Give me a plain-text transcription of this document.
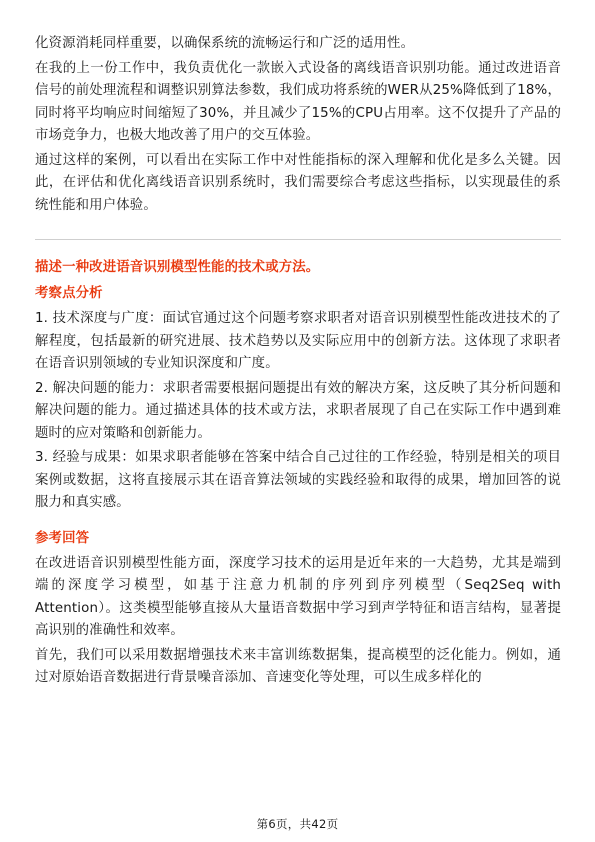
化资源消耗同样重要，以确保系统的流畅运行和广泛的适用性。

在我的上一份工作中，我负责优化一款嵌入式设备的离线语音识别功能。通过改进语音信号的前处理流程和调整识别算法参数，我们成功将系统的WER从25%降低到了18%，同时将平均响应时间缩短了30%，并且减少了15%的CPU占用率。这不仅提升了产品的市场竞争力，也极大地改善了用户的交互体验。

通过这样的案例，可以看出在实际工作中对性能指标的深入理解和优化是多么关键。因此，在评估和优化离线语音识别系统时，我们需要综合考虑这些指标，以实现最佳的系统性能和用户体验。

描述一种改进语音识别模型性能的技术或方法。
考察点分析

1. 技术深度与广度：面试官通过这个问题考察求职者对语音识别模型性能改进技术的了解程度，包括最新的研究进展、技术趋势以及实际应用中的创新方法。这体现了求职者在语音识别领域的专业知识深度和广度。

2. 解决问题的能力：求职者需要根据问题提出有效的解决方案，这反映了其分析问题和解决问题的能力。通过描述具体的技术或方法，求职者展现了自己在实际工作中遇到难题时的应对策略和创新能力。

3. 经验与成果：如果求职者能够在答案中结合自己过往的工作经验，特别是相关的项目案例或数据，这将直接展示其在语音算法领域的实践经验和取得的成果，增加回答的说服力和真实感。

参考回答

在改进语音识别模型性能方面，深度学习技术的运用是近年来的一大趋势，尤其是端到端的深度学习模型，如基于注意力机制的序列到序列模型（Seq2Seq with Attention）。这类模型能够直接从大量语音数据中学习到声学特征和语言结构，显著提高识别的准确性和效率。

首先，我们可以采用数据增强技术来丰富训练数据集，提高模型的泛化能力。例如，通过对原始语音数据进行背景噪音添加、音速变化等处理，可以生成多样化的

第6页，共42页
